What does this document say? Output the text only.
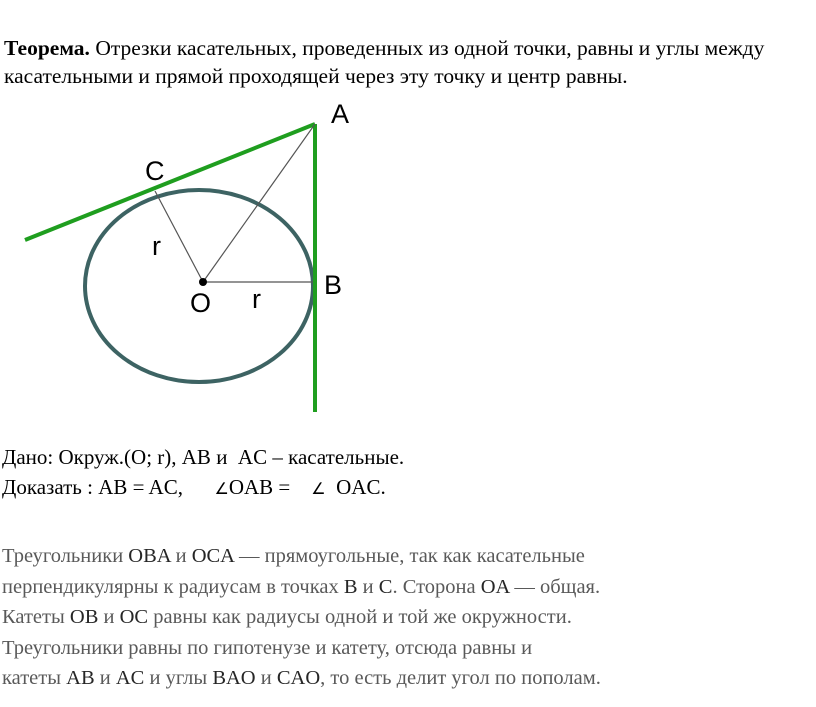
Теорема. Отрезки касательных, проведенных из одной точки, равны и углы между касательными и прямой проходящей через эту точку и центр равны.
A
C
B
O
r
r
Дано: Окруж.(O; r), AB и  AC – касательные.
Доказать : AB = AC, ∠OAB = ∠ OAC.
Треугольники OBA и OCA — прямоугольные, так как касательные
перпендикулярны к радиусам в точках B и C. Сторона OA — общая.
Катеты OB и OC равны как радиусы одной и той же окружности.
Треугольники равны по гипотенузе и катету, отсюда равны и
катеты AB и AC и углы BAO и CAO, то есть делит угол по пополам.
